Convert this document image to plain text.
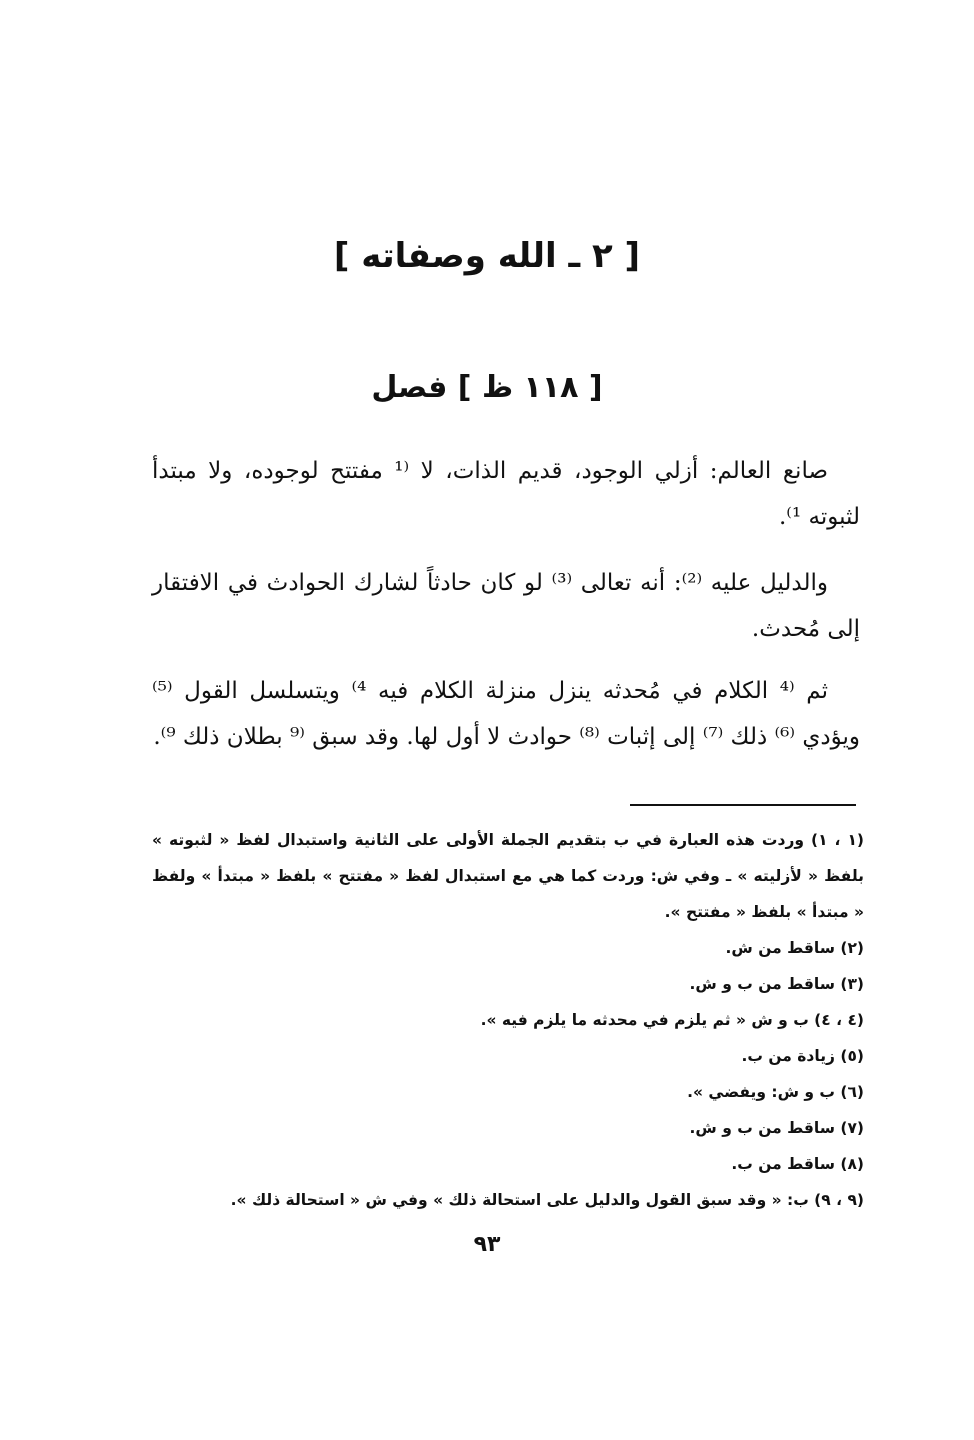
[ ٢ ـ الله وصفاته ]
[ ١١٨ ظ ] فصل

صانع العالم: أزلي الوجود، قديم الذات، لا ⁽¹ مفتتح لوجوده، ولا مبتدأ لثبوته ¹⁾.

والدليل عليه ⁽²⁾: أنه تعالى ⁽³⁾ لو كان حادثاً لشارك الحوادث في الافتقار إلى مُحدث.

ثم ⁽⁴ الكلام في مُحدثه ينزل منزلة الكلام فيه ⁴⁾ ويتسلسل القول ⁽⁵⁾ ويؤدي ⁽⁶⁾ ذلك ⁽⁷⁾ إلى إثبات ⁽⁸⁾ حوادث لا أول لها. وقد سبق ⁽⁹ بطلان ذلك ⁹⁾.

(١ ، ١) وردت هذه العبارة في ب بتقديم الجملة الأولى على الثانية واستبدال لفظ « لثبوته » بلفظ « لأزليته » ـ وفي ش: وردت كما هي مع استبدال لفظ « مفتتح » بلفظ « مبتدأ » ولفظ « مبتدأ » بلفظ « مفتتح ».

(٢) ساقط من ش.

(٣) ساقط من ب و ش.

(٤ ، ٤) ب و ش « ثم يلزم في محدثه ما يلزم فيه ».

(٥) زيادة من ب.

(٦) ب و ش: ويفضي ».

(٧) ساقط من ب و ش.

(٨) ساقط من ب.

(٩ ، ٩) ب: « وقد سبق القول والدليل على استحالة ذلك » وفي ش « استحالة ذلك ».

٩٣
